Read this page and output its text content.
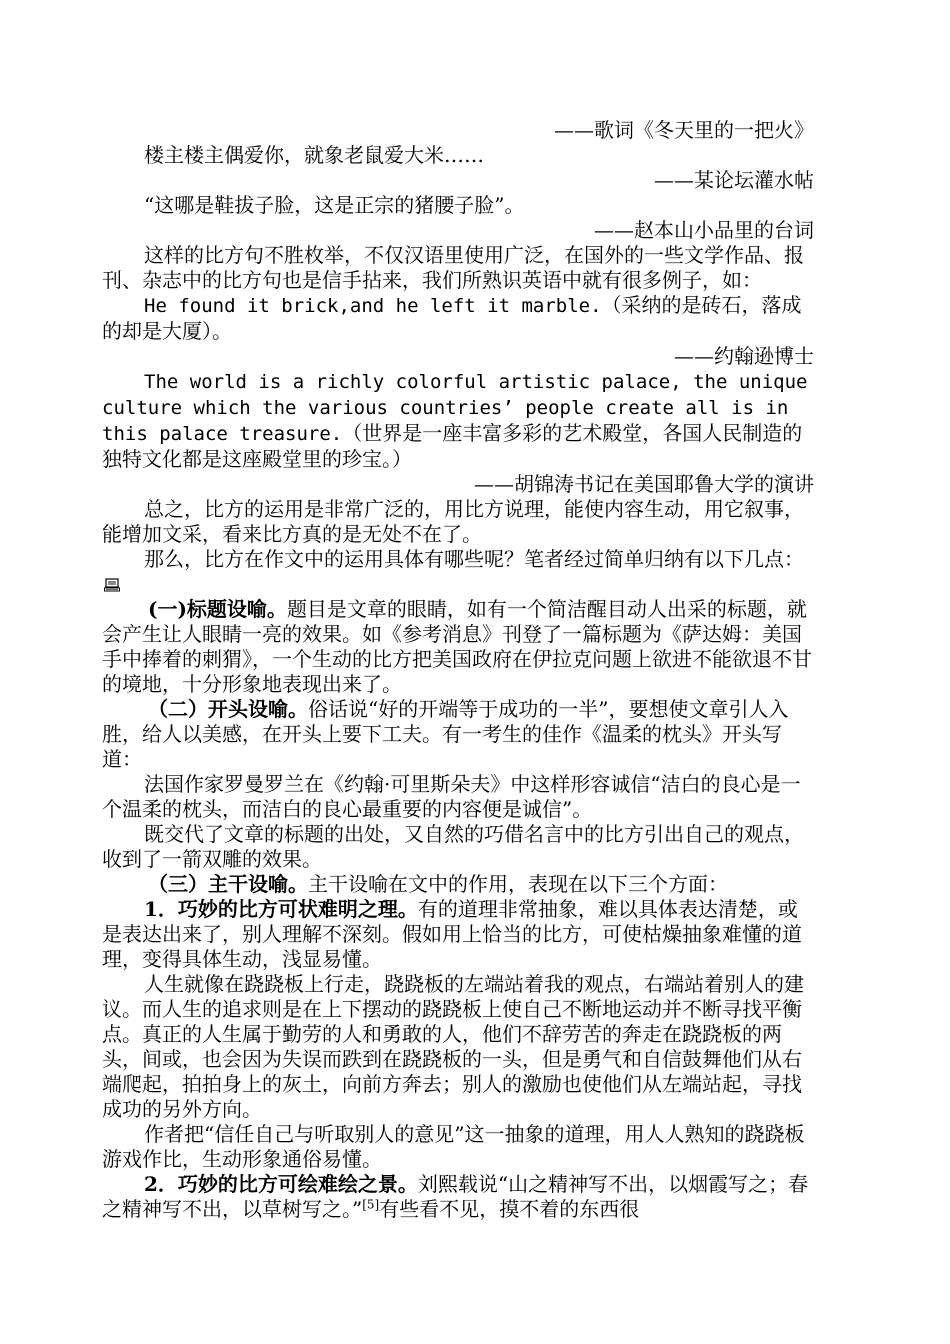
——歌词《冬天里的一把火》

楼主楼主偶爱你，就象老鼠爱大米……

——某论坛灌水帖

“这哪是鞋拔子脸，这是正宗的猪腰子脸”。

——赵本山小品里的台词

这样的比方句不胜枚举，不仅汉语里使用广泛，在国外的一些文学作品、报刊、杂志中的比方句也是信手拈来，我们所熟识英语中就有很多例子，如：

He found it brick,and he left it marble.（采纳的是砖石，落成的却是大厦）。

——约翰逊博士

The world is a richly colorful artistic palace, the unique culture which the various countries’ people create all is in this palace treasure.（世界是一座丰富多彩的艺术殿堂，各国人民制造的独特文化都是这座殿堂里的珍宝。）

——胡锦涛书记在美国耶鲁大学的演讲

总之，比方的运用是非常广泛的，用比方说理，能使内容生动，用它叙事，能增加文采，看来比方真的是无处不在了。

那么，比方在作文中的运用具体有哪些呢？笔者经过简单归纳有以下几点：

(一)标题设喻。题目是文章的眼睛，如有一个简洁醒目动人出采的标题，就会产生让人眼睛一亮的效果。如《参考消息》刊登了一篇标题为《萨达姆：美国手中捧着的刺猬》，一个生动的比方把美国政府在伊拉克问题上欲进不能欲退不甘的境地，十分形象地表现出来了。

（二）开头设喻。俗话说“好的开端等于成功的一半”，要想使文章引人入胜，给人以美感，在开头上要下工夫。有一考生的佳作《温柔的枕头》开头写道：

法国作家罗曼罗兰在《约翰·可里斯朵夫》中这样形容诚信“洁白的良心是一个温柔的枕头，而洁白的良心最重要的内容便是诚信”。

既交代了文章的标题的出处，又自然的巧借名言中的比方引出自己的观点，收到了一箭双雕的效果。

（三）主干设喻。主干设喻在文中的作用，表现在以下三个方面：

1．巧妙的比方可状难明之理。有的道理非常抽象，难以具体表达清楚，或是表达出来了，别人理解不深刻。假如用上恰当的比方，可使枯燥抽象难懂的道理，变得具体生动，浅显易懂。

人生就像在跷跷板上行走，跷跷板的左端站着我的观点，右端站着别人的建议。而人生的追求则是在上下摆动的跷跷板上使自己不断地运动并不断寻找平衡点。真正的人生属于勤劳的人和勇敢的人，他们不辞劳苦的奔走在跷跷板的两头，间或，也会因为失误而跌到在跷跷板的一头，但是勇气和自信鼓舞他们从右端爬起，拍拍身上的灰土，向前方奔去；别人的激励也使他们从左端站起，寻找成功的另外方向。

作者把“信任自己与听取别人的意见”这一抽象的道理，用人人熟知的跷跷板游戏作比，生动形象通俗易懂。

2．巧妙的比方可绘难绘之景。刘熙载说“山之精神写不出，以烟霞写之；春之精神写不出，以草树写之。”[5]有些看不见，摸不着的东西很
